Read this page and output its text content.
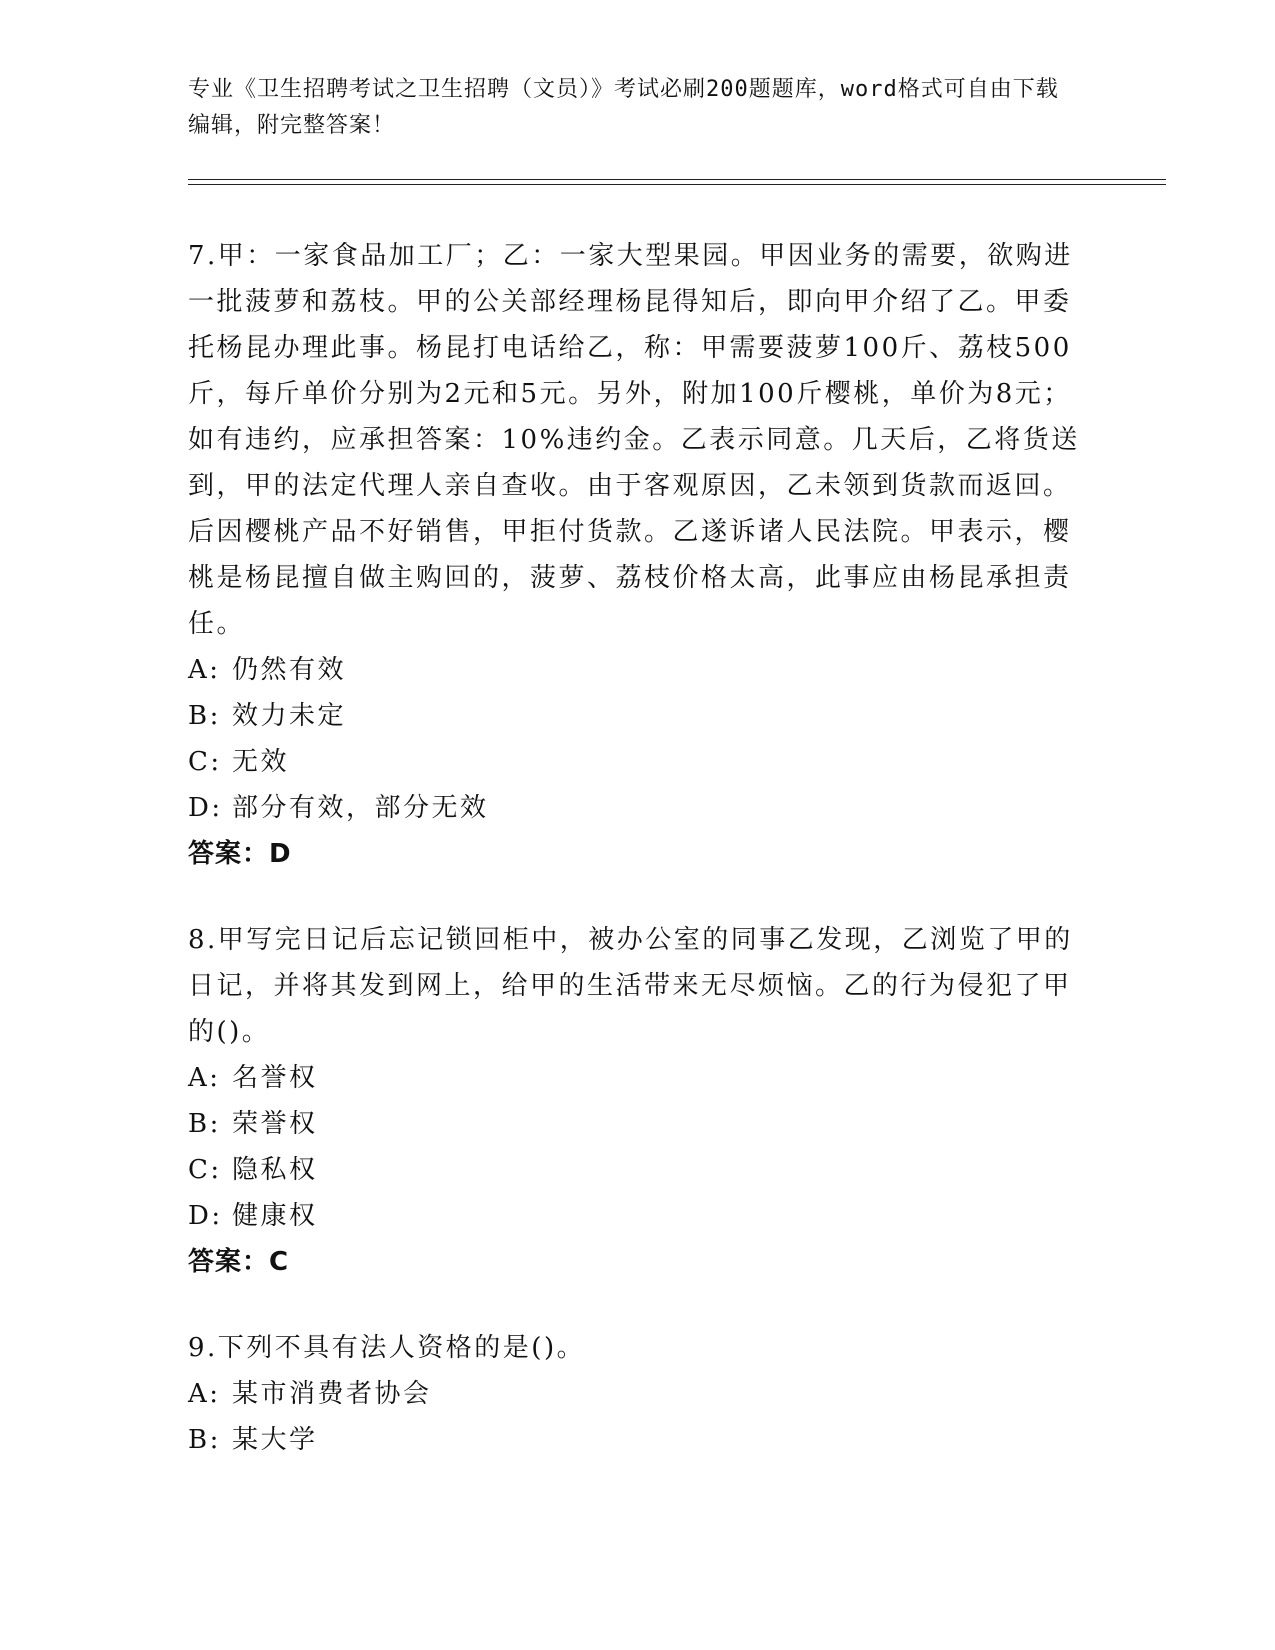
专业《卫生招聘考试之卫生招聘（文员）》考试必刷200题题库，word格式可自由下载编辑，附完整答案！

7.甲：一家食品加工厂；乙：一家大型果园。甲因业务的需要，欲购进一批菠萝和荔枝。甲的公关部经理杨昆得知后，即向甲介绍了乙。甲委托杨昆办理此事。杨昆打电话给乙，称：甲需要菠萝100斤、荔枝500斤，每斤单价分别为2元和5元。另外，附加100斤樱桃，单价为8元；如有违约，应承担答案：10%违约金。乙表示同意。几天后，乙将货送到，甲的法定代理人亲自查收。由于客观原因，乙未领到货款而返回。后因樱桃产品不好销售，甲拒付货款。乙遂诉诸人民法院。甲表示，樱桃是杨昆擅自做主购回的，菠萝、荔枝价格太高，此事应由杨昆承担责任。

A: 仍然有效
B: 效力未定
C: 无效
D: 部分有效，部分无效
答案：D

8.甲写完日记后忘记锁回柜中，被办公室的同事乙发现，乙浏览了甲的日记，并将其发到网上，给甲的生活带来无尽烦恼。乙的行为侵犯了甲的()。

A: 名誉权
B: 荣誉权
C: 隐私权
D: 健康权
答案：C

9.下列不具有法人资格的是()。

A: 某市消费者协会
B: 某大学
